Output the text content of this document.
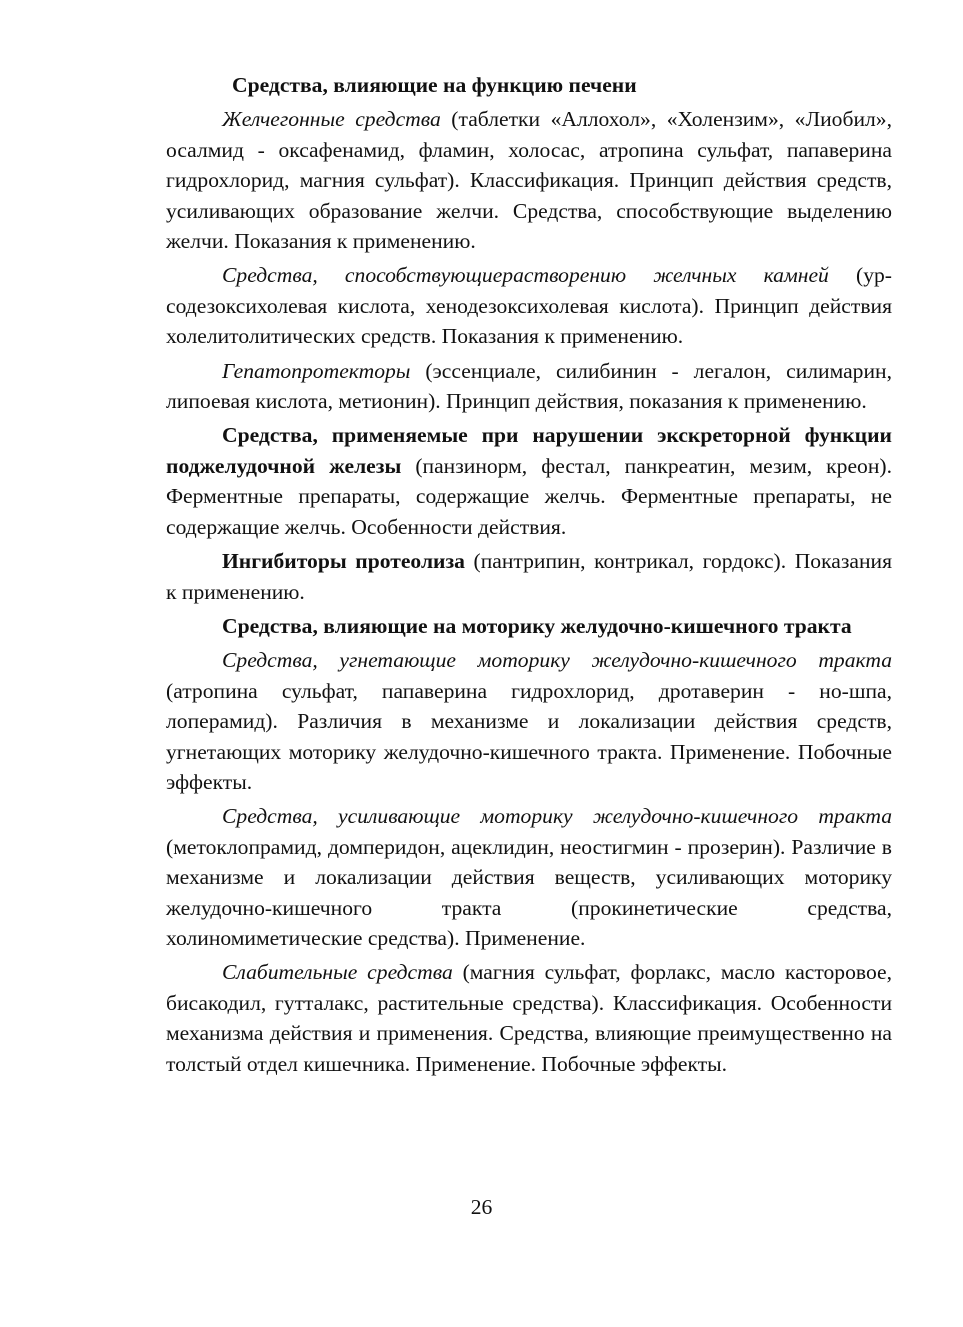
Средства, влияющие на функцию печени

Желчегонные средства (таблетки «Аллохол», «Холензим», «Лиобил», осалмид - оксафенамид, фламин, холосас, атропина сульфат, папаверина гидрохлорид, магния сульфат). Классификация. Принцип действия средств, усиливающих образование желчи. Средства, способствующие выделению желчи. Показания к применению.

Средства, способствующиерастворению желчных камней (урсодезоксихолевая кислота, хенодезоксихолевая кислота). Принцип действия холелитолитических средств. Показания к применению.

Гепатопротекторы (эссенциале, силибинин - легалон, силимарин, липоевая кислота, метионин). Принцип действия, показания к применению.

Средства, применяемые при нарушении экскреторной функции поджелудочной железы (панзинорм, фестал, панкреатин, мезим, креон). Ферментные препараты, содержащие желчь. Ферментные препараты, не содержащие желчь. Особенности действия.

Ингибиторы протеолиза (пантрипин, контрикал, гордокс). Показания к применению.

Средства, влияющие на моторику желудочно-кишечного тракта

Средства, угнетающие моторику желудочно-кишечного тракта (атропина сульфат, папаверина гидрохлорид, дротаверин - но-шпа, лоперамид). Различия в механизме и локализации действия средств, угнетающих моторику желудочно-кишечного тракта. Применение. Побочные эффекты.

Средства, усиливающие моторику желудочно-кишечного тракта (метоклопрамид, домперидон, ацеклидин, неостигмин - прозерин). Различие в механизме и локализации действия веществ, усиливающих моторику желудочно-кишечного тракта (прокинетические средства, холиномиметические средства). Применение.

Слабительные средства (магния сульфат, форлакс, масло касторовое, бисакодил, гутталакс, растительные средства). Классификация. Особенности механизма действия и применения. Средства, влияющие преимущественно на толстый отдел кишечника. Применение. Побочные эффекты.

26
